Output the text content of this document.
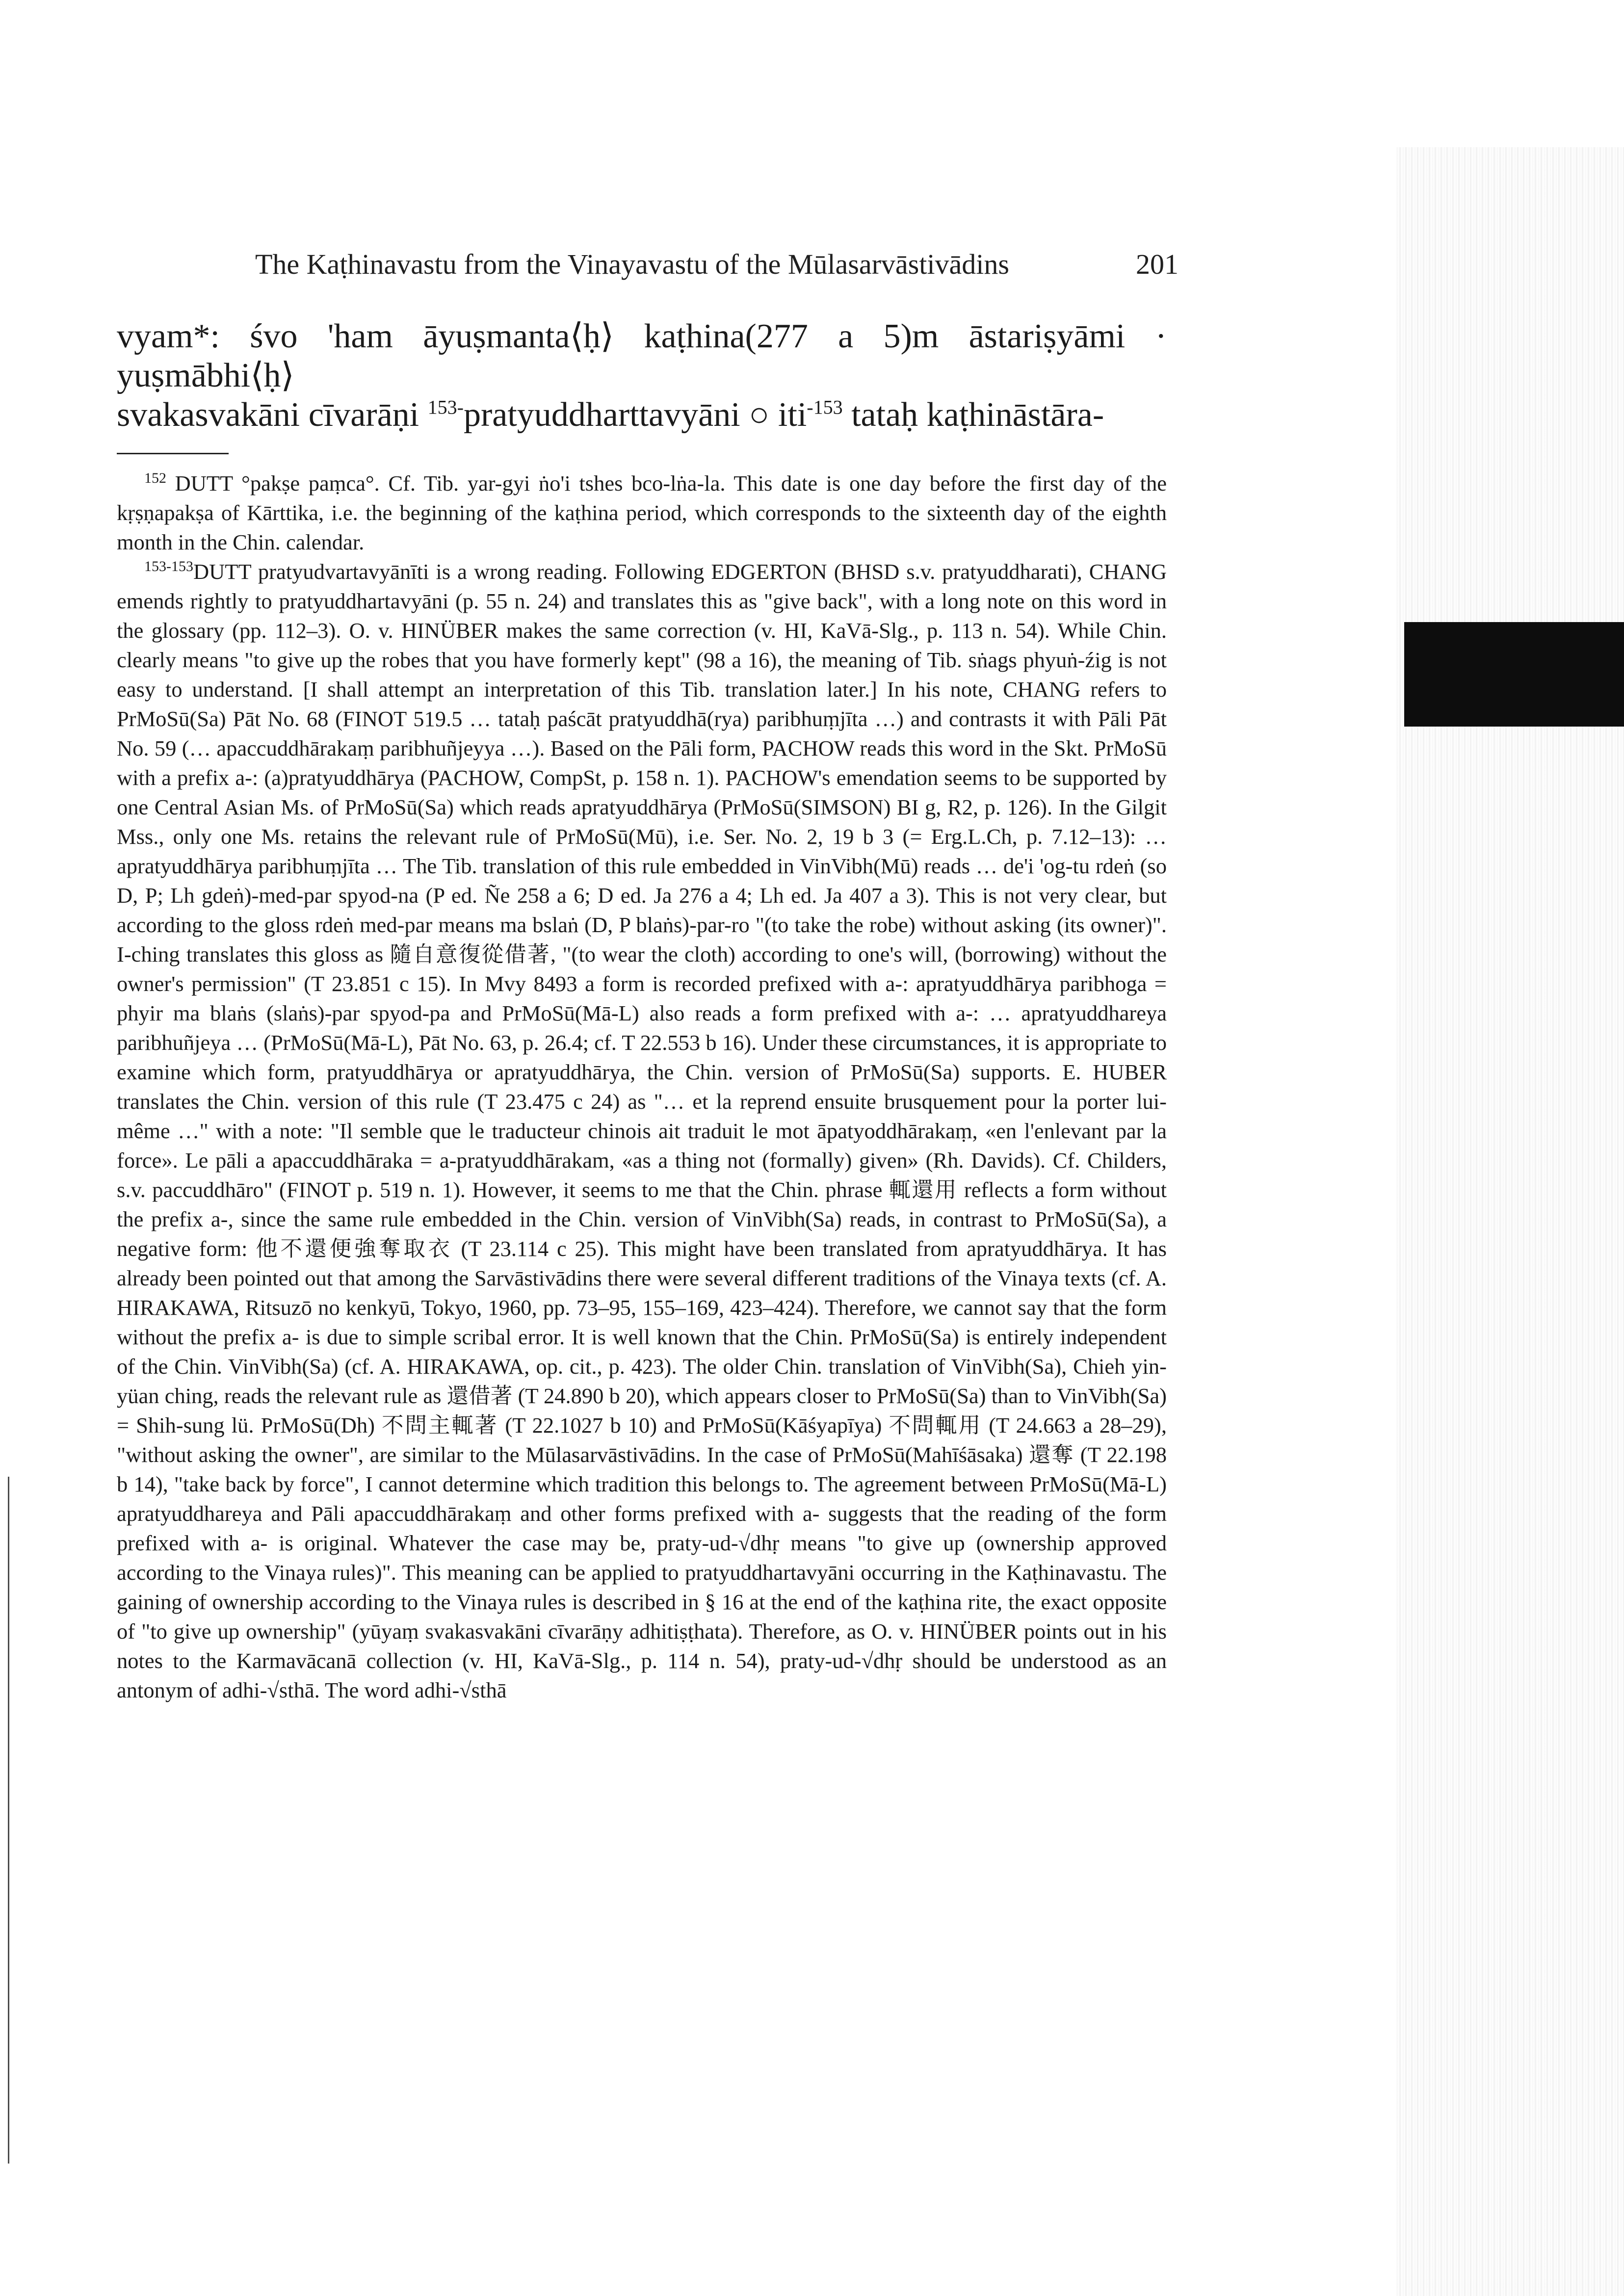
The Kaṭhinavastu from the Vinayavastu of the Mūlasarvāstivādins	201

vyam*: śvo 'ham āyuṣmanta⟨ḥ⟩ kaṭhina(277 a 5)m āstariṣyāmi · yuṣmābhi⟨ḥ⟩

svakasvakāni cīvarāṇi $^{153-}$pratyuddharttavyāni ○ iti$^{-153}$ tataḥ kaṭhināstāra-

$^{152}$ DUTT °pakṣe paṃca°. Cf. Tib. yar-gyi ṅo'i tshes bco-lṅa-la. This date is one day before the first day of the kṛṣṇapakṣa of Kārttika, i.e. the beginning of the kaṭhina period, which corresponds to the sixteenth day of the eighth month in the Chin. calendar.

$^{153-153}$DUTT pratyudvartavyānīti is a wrong reading. Following EDGERTON (BHSD s.v. pratyuddharati), CHANG emends rightly to pratyuddhartavyāni (p. 55 n. 24) and translates this as "give back", with a long note on this word in the glossary (pp. 112–3). O. v. HINÜBER makes the same correction (v. HI, KaVā-Slg., p. 113 n. 54). While Chin. clearly means "to give up the robes that you have formerly kept" (98 a 16), the meaning of Tib. sṅags phyuṅ-źig is not easy to understand. [I shall attempt an interpretation of this Tib. translation later.] In his note, CHANG refers to PrMoSū(Sa) Pāt No. 68 (FINOT 519.5 … tataḥ paścāt pratyuddhā(rya) paribhuṃjīta …) and contrasts it with Pāli Pāt No. 59 (… apaccuddhārakaṃ paribhuñjeyya …). Based on the Pāli form, PACHOW reads this word in the Skt. PrMoSū with a prefix a-: (a)pratyuddhārya (PACHOW, CompSt, p. 158 n. 1). PACHOW's emendation seems to be supported by one Central Asian Ms. of PrMoSū(Sa) which reads apratyuddhārya (PrMoSū(SIMSON) BI g, R2, p. 126). In the Gilgit Mss., only one Ms. retains the relevant rule of PrMoSū(Mū), i.e. Ser. No. 2, 19 b 3 (= Erg.L.Ch, p. 7.12–13): … apratyuddhārya paribhuṃjīta … The Tib. translation of this rule embedded in VinVibh(Mū) reads … de'i 'og-tu rdeṅ (so D, P; Lh gdeṅ)-med-par spyod-na (P ed. Ñe 258 a 6; D ed. Ja 276 a 4; Lh ed. Ja 407 a 3). This is not very clear, but according to the gloss rdeṅ med-par means ma bslaṅ (D, P blaṅs)-par-ro "(to take the robe) without asking (its owner)". I-ching translates this gloss as 隨自意復從借著, "(to wear the cloth) according to one's will, (borrowing) without the owner's permission" (T 23.851 c 15). In Mvy 8493 a form is recorded prefixed with a-: apratyuddhārya paribhoga = phyir ma blaṅs (slaṅs)-par spyod-pa and PrMoSū(Mā-L) also reads a form prefixed with a-: … apratyuddhareya paribhuñjeya … (PrMoSū(Mā-L), Pāt No. 63, p. 26.4; cf. T 22.553 b 16). Under these circumstances, it is appropriate to examine which form, pratyuddhārya or apratyuddhārya, the Chin. version of PrMoSū(Sa) supports. E. HUBER translates the Chin. version of this rule (T 23.475 c 24) as "… et la reprend ensuite brusquement pour la porter lui-même …" with a note: "Il semble que le traducteur chinois ait traduit le mot āpatyoddhārakaṃ, «en l'enlevant par la force». Le pāli a apaccuddhāraka = a-pratyuddhārakam, «as a thing not (formally) given» (Rh. Davids). Cf. Childers, s.v. paccuddhāro" (FINOT p. 519 n. 1). However, it seems to me that the Chin. phrase 輒還用 reflects a form without the prefix a-, since the same rule embedded in the Chin. version of VinVibh(Sa) reads, in contrast to PrMoSū(Sa), a negative form: 他不還便強奪取衣 (T 23.114 c 25). This might have been translated from apratyuddhārya. It has already been pointed out that among the Sarvāstivādins there were several different traditions of the Vinaya texts (cf. A. HIRAKAWA, Ritsuzō no kenkyū, Tokyo, 1960, pp. 73–95, 155–169, 423–424). Therefore, we cannot say that the form without the prefix a- is due to simple scribal error. It is well known that the Chin. PrMoSū(Sa) is entirely independent of the Chin. VinVibh(Sa) (cf. A. HIRAKAWA, op. cit., p. 423). The older Chin. translation of VinVibh(Sa), Chieh yin-yüan ching, reads the relevant rule as 還借著 (T 24.890 b 20), which appears closer to PrMoSū(Sa) than to VinVibh(Sa) = Shih-sung lü. PrMoSū(Dh) 不問主輒著 (T 22.1027 b 10) and PrMoSū(Kāśyapīya) 不問輒用 (T 24.663 a 28–29), "without asking the owner", are similar to the Mūlasarvāstivādins. In the case of PrMoSū(Mahīśāsaka) 還奪 (T 22.198 b 14), "take back by force", I cannot determine which tradition this belongs to. The agreement between PrMoSū(Mā-L) apratyuddhareya and Pāli apaccuddhārakaṃ and other forms prefixed with a- suggests that the reading of the form prefixed with a- is original. Whatever the case may be, praty-ud-√dhṛ means "to give up (ownership approved according to the Vinaya rules)". This meaning can be applied to pratyuddhartavyāni occurring in the Kaṭhinavastu. The gaining of ownership according to the Vinaya rules is described in § 16 at the end of the kaṭhina rite, the exact opposite of "to give up ownership" (yūyaṃ svakasvakāni cīvarāṇy adhitiṣṭhata). Therefore, as O. v. HINÜBER points out in his notes to the Karmavācanā collection (v. HI, KaVā-Slg., p. 114 n. 54), praty-ud-√dhṛ should be understood as an antonym of adhi-√sthā. The word adhi-√sthā
